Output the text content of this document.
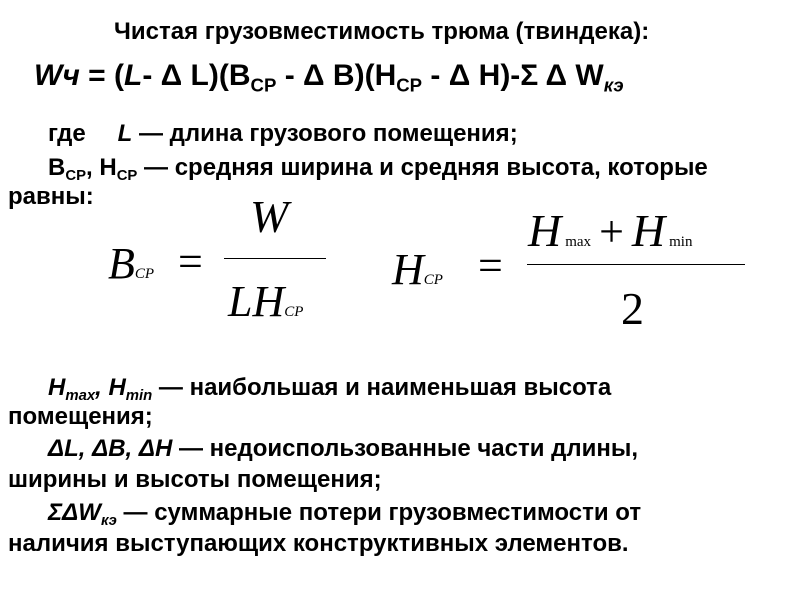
Чистая грузовместимость трюма (твиндека):
Wч = (L- Δ $L)(B_{CP}$ - Δ $B)(H_{CP}$ - Δ H)-Σ Δ $W_{кэ}$
где L — длина грузового помещения;
$B_{CP}$, $H_{CP}$ — средняя ширина и средняя высота, которые
равны:
BCP =
W
LHCP
HCP =
Hmax + H min
2
$H_{max}$, $H_{min}$ — наибольшая и наименьшая высота
помещения;
ΔL, ΔB, ΔH — недоиспользованные части длины,
ширины и высоты помещения;
$\Sigma\Delta W_{кэ}$ — суммарные потери грузовместимости от
наличия выступающих конструктивных элементов.
